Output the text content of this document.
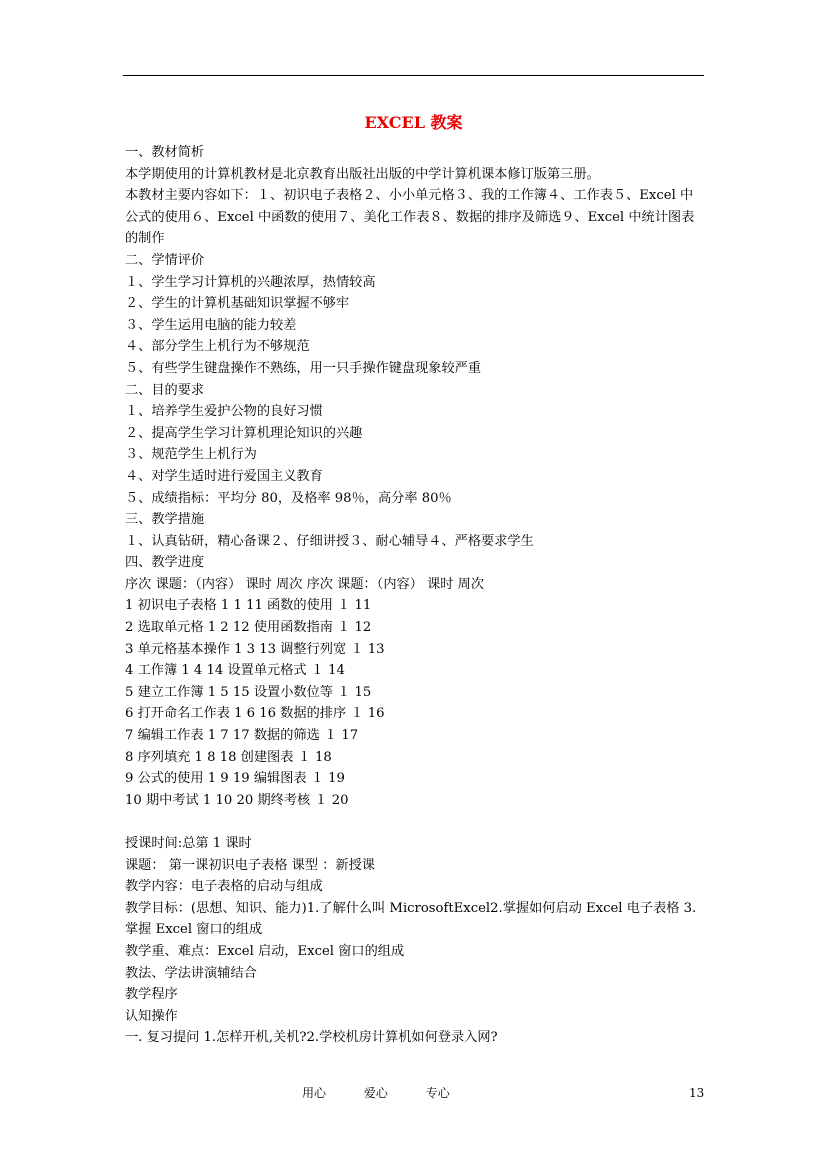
EXCEL 教案
一、教材简析
本学期使用的计算机教材是北京教育出版社出版的中学计算机课本修订版第三册。
本教材主要内容如下：１、初识电子表格２、小小单元格３、我的工作簿４、工作表５、Excel 中公式的使用６、Excel 中函数的使用７、美化工作表８、数据的排序及筛选９、Excel 中统计图表的制作
二、学情评价
１、学生学习计算机的兴趣浓厚，热情较高
２、学生的计算机基础知识掌握不够牢
３、学生运用电脑的能力较差
４、部分学生上机行为不够规范
５、有些学生键盘操作不熟练，用一只手操作键盘现象较严重
二、目的要求
１、培养学生爱护公物的良好习惯
２、提高学生学习计算机理论知识的兴趣
３、规范学生上机行为
４、对学生适时进行爱国主义教育
５、成绩指标：平均分 80，及格率 98％，高分率 80％
三、教学措施
１、认真钻研，精心备课２、仔细讲授３、耐心辅导４、严格要求学生
四、教学进度
序次 课题：（内容） 课时 周次 序次 课题：（内容） 课时 周次
1 初识电子表格 1 1 11 函数的使用 １ 11
2 选取单元格 1 2 12 使用函数指南 １ 12
3 单元格基本操作 1 3 13 调整行列宽 １ 13
4 工作簿 1 4 14 设置单元格式 １ 14
5 建立工作簿 1 5 15 设置小数位等 １ 15
6 打开命名工作表 1 6 16 数据的排序 １ 16
7 编辑工作表 1 7 17 数据的筛选 １ 17
8 序列填充 1 8 18 创建图表 １ 18
9 公式的使用 1 9 19 编辑图表 １ 19
10 期中考试 1 10 20 期终考核 １ 20
授课时间:总第 1 课时
课题： 第一课初识电子表格 课型 ：新授课
教学内容：电子表格的启动与组成
教学目标：(思想、知识、能力)1.了解什么叫 MicrosoftExcel2.掌握如何启动 Excel 电子表格 3.掌握 Excel 窗口的组成
教学重、难点：Excel 启动，Excel 窗口的组成
教法、学法讲演辅结合
教学程序
认知操作
一. 复习提问 1.怎样开机,关机?2.学校机房计算机如何登录入网?
用心	爱心	专心	13
